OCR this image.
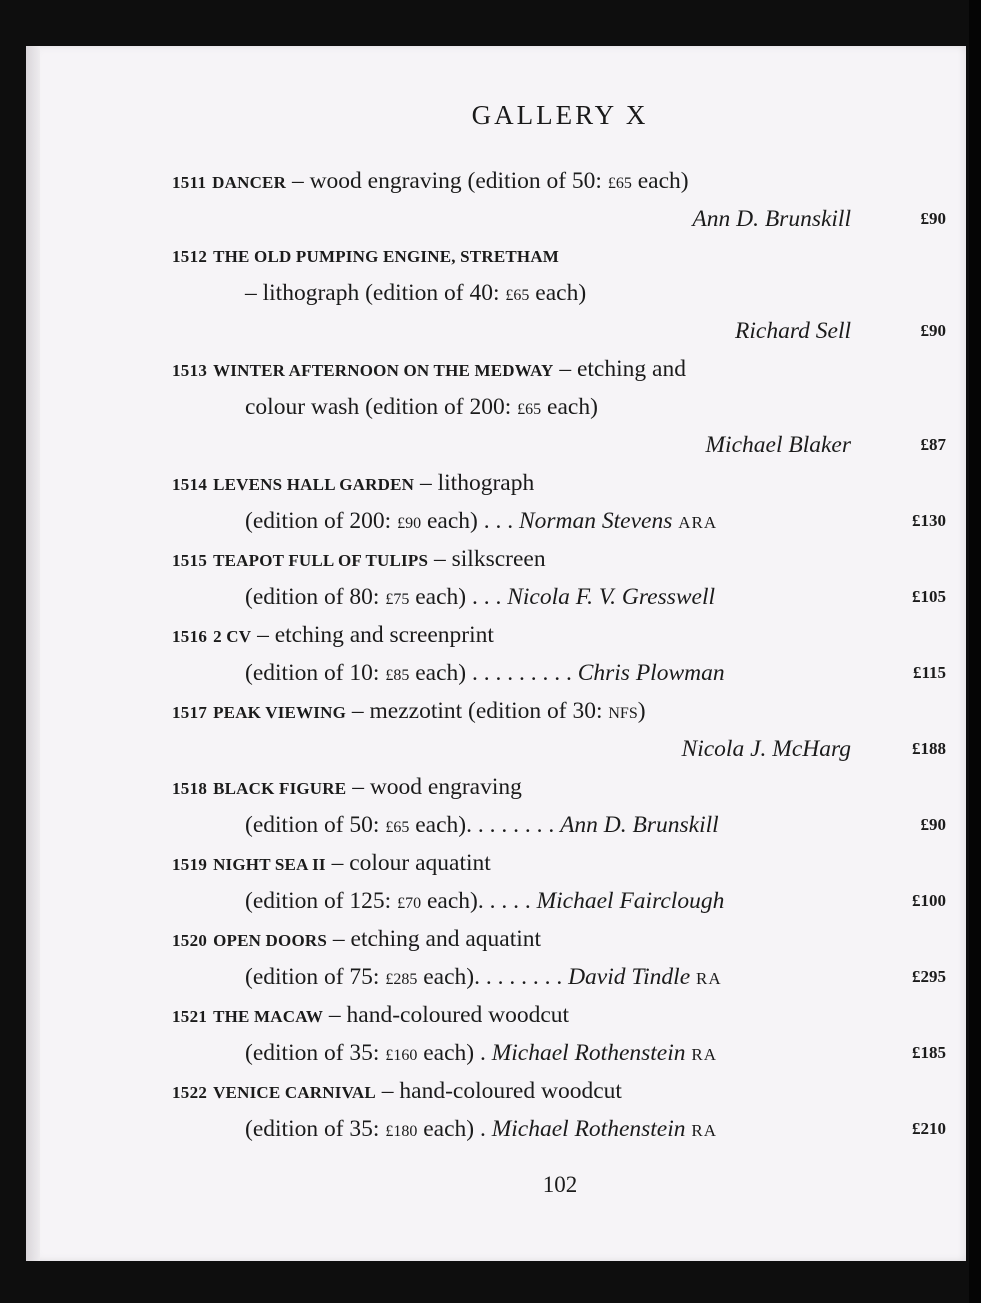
GALLERY X
1511 DANCER – wood engraving (edition of 50: £65 each)
Ann D. Brunskill	£90
1512 THE OLD PUMPING ENGINE, STRETHAM
– lithograph (edition of 40: £65 each)
Richard Sell	£90
1513 WINTER AFTERNOON ON THE MEDWAY – etching and
colour wash (edition of 200: £65 each)
Michael Blaker	£87
1514 LEVENS HALL GARDEN – lithograph
(edition of 200: £90 each) . . . Norman Stevens ARA	£130
1515 TEAPOT FULL OF TULIPS – silkscreen
(edition of 80: £75 each) . . . Nicola F. V. Gresswell	£105
1516 2 CV – etching and screenprint
(edition of 10: £85 each) . . . . . . . . . Chris Plowman	£115
1517 PEAK VIEWING – mezzotint (edition of 30: NFS)
Nicola J. McHarg	£188
1518 BLACK FIGURE – wood engraving
(edition of 50: £65 each). . . . . . . . Ann D. Brunskill	£90
1519 NIGHT SEA II – colour aquatint
(edition of 125: £70 each). . . . . Michael Fairclough	£100
1520 OPEN DOORS – etching and aquatint
(edition of 75: £285 each). . . . . . . . David Tindle RA	£295
1521 THE MACAW – hand-coloured woodcut
(edition of 35: £160 each) . Michael Rothenstein RA	£185
1522 VENICE CARNIVAL – hand-coloured woodcut
(edition of 35: £180 each) . Michael Rothenstein RA	£210
102
